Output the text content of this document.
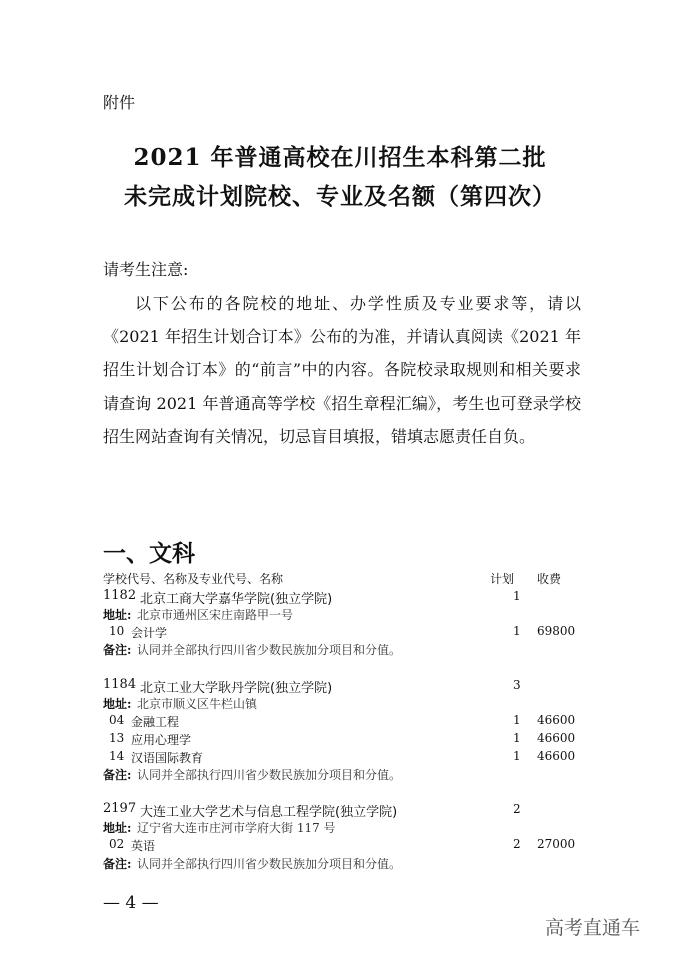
附件
2021 年普通高校在川招生本科第二批
未完成计划院校、专业及名额（第四次）
请考生注意:
以下公布的各院校的地址、办学性质及专业要求等，请以《2021 年招生计划合订本》公布的为准，并请认真阅读《2021 年招生计划合订本》的“前言”中的内容。各院校录取规则和相关要求请查询 2021 年普通高等学校《招生章程汇编》，考生也可登录学校招生网站查询有关情况，切忌盲目填报，错填志愿责任自负。
一、文科
学校代号、名称及专业代号、名称	计划 收费
1182 北京工商大学嘉华学院(独立学院)	1
地址: 北京市通州区宋庄南路甲一号
10 会计学	1 69800
备注: 认同并全部执行四川省少数民族加分项目和分值。
1184 北京工业大学耿丹学院(独立学院)	3
地址: 北京市顺义区牛栏山镇
04 金融工程	1 46600
13 应用心理学	1 46600
14 汉语国际教育	1 46600
备注: 认同并全部执行四川省少数民族加分项目和分值。
2197 大连工业大学艺术与信息工程学院(独立学院)	2
地址: 辽宁省大连市庄河市学府大街 117 号
02 英语	2 27000
备注: 认同并全部执行四川省少数民族加分项目和分值。
— 4 —
高考直通车
